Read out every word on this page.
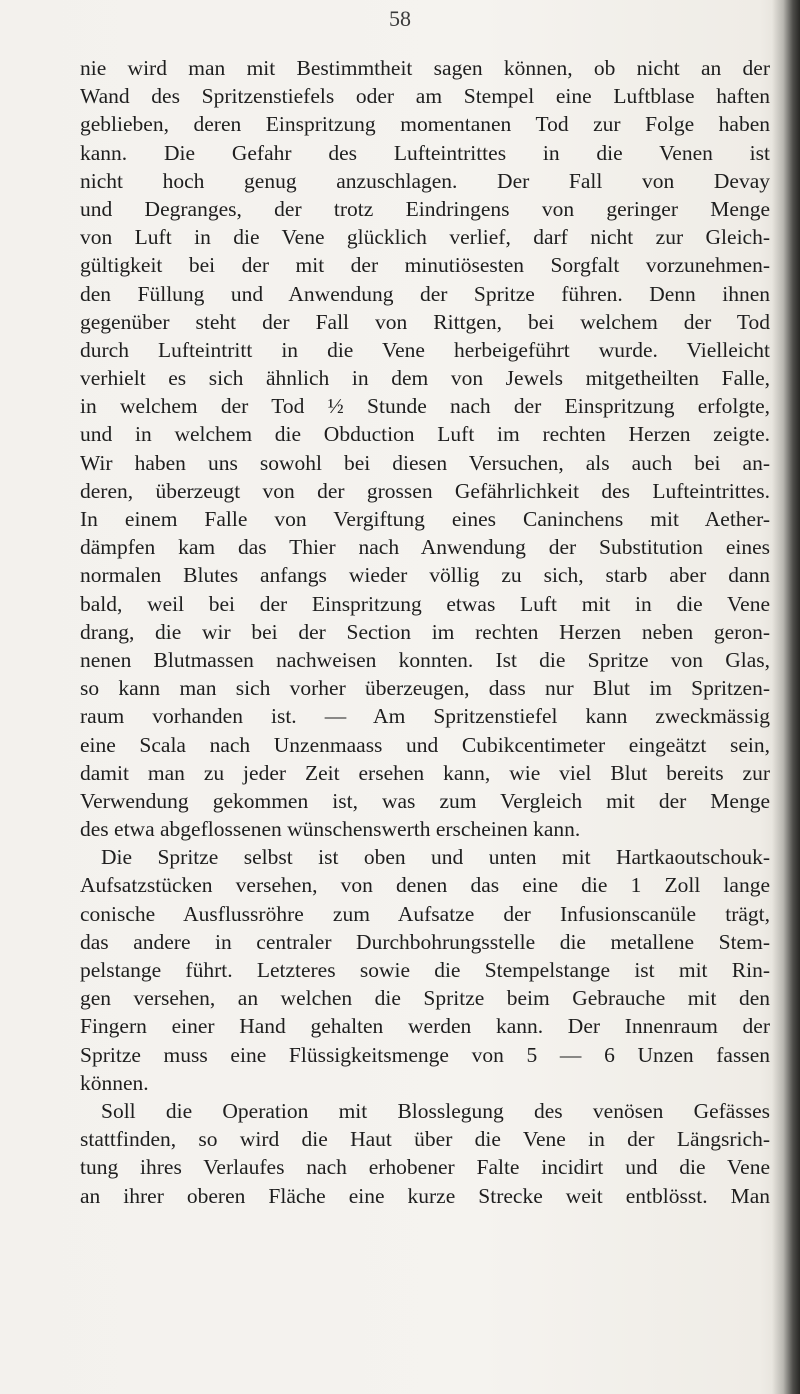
58
nie wird man mit Bestimmtheit sagen können, ob nicht an der
Wand des Spritzenstiefels oder am Stempel eine Luftblase haften
geblieben, deren Einspritzung momentanen Tod zur Folge haben
kann. Die Gefahr des Lufteintrittes in die Venen ist
nicht hoch genug anzuschlagen. Der Fall von Devay
und Degranges, der trotz Eindringens von geringer Menge
von Luft in die Vene glücklich verlief, darf nicht zur Gleich-
gültigkeit bei der mit der minutiösesten Sorgfalt vorzunehmen-
den Füllung und Anwendung der Spritze führen. Denn ihnen
gegenüber steht der Fall von Rittgen, bei welchem der Tod
durch Lufteintritt in die Vene herbeigeführt wurde. Vielleicht
verhielt es sich ähnlich in dem von Jewels mitgetheilten Falle,
in welchem der Tod ½ Stunde nach der Einspritzung erfolgte,
und in welchem die Obduction Luft im rechten Herzen zeigte.
Wir haben uns sowohl bei diesen Versuchen, als auch bei an-
deren, überzeugt von der grossen Gefährlichkeit des Lufteintrittes.
In einem Falle von Vergiftung eines Caninchens mit Aether-
dämpfen kam das Thier nach Anwendung der Substitution eines
normalen Blutes anfangs wieder völlig zu sich, starb aber dann
bald, weil bei der Einspritzung etwas Luft mit in die Vene
drang, die wir bei der Section im rechten Herzen neben geron-
nenen Blutmassen nachweisen konnten. Ist die Spritze von Glas,
so kann man sich vorher überzeugen, dass nur Blut im Spritzen-
raum vorhanden ist. — Am Spritzenstiefel kann zweckmässig
eine Scala nach Unzenmaass und Cubikcentimeter eingeätzt sein,
damit man zu jeder Zeit ersehen kann, wie viel Blut bereits zur
Verwendung gekommen ist, was zum Vergleich mit der Menge
des etwa abgeflossenen wünschenswerth erscheinen kann.
Die Spritze selbst ist oben und unten mit Hartkaoutschouk-
Aufsatzstücken versehen, von denen das eine die 1 Zoll lange
conische Ausflussröhre zum Aufsatze der Infusionscanüle trägt,
das andere in centraler Durchbohrungsstelle die metallene Stem-
pelstange führt. Letzteres sowie die Stempelstange ist mit Rin-
gen versehen, an welchen die Spritze beim Gebrauche mit den
Fingern einer Hand gehalten werden kann. Der Innenraum der
Spritze muss eine Flüssigkeitsmenge von 5 — 6 Unzen fassen
können.
Soll die Operation mit Blosslegung des venösen Gefässes
stattfinden, so wird die Haut über die Vene in der Längsrich-
tung ihres Verlaufes nach erhobener Falte incidirt und die Vene
an ihrer oberen Fläche eine kurze Strecke weit entblösst. Man
